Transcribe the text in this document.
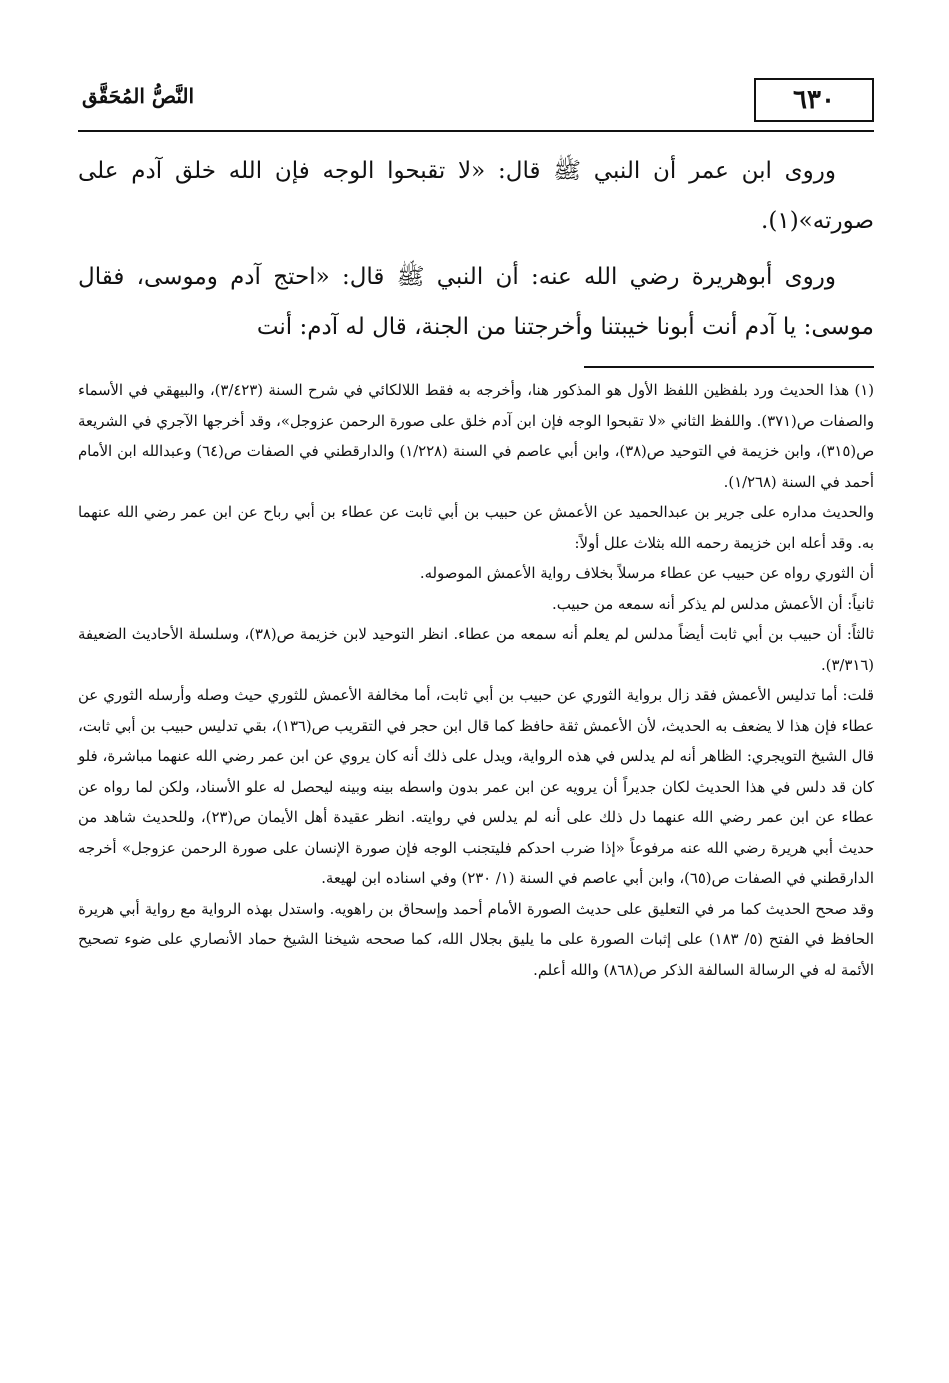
٦٣٠
النَّصُّ المُحَقَّق

وروى ابن عمر أن النبي ﷺ قال: «لا تقبحوا الوجه فإن الله خلق آدم على صورته»(١).

وروى أبوهريرة رضي الله عنه: أن النبي ﷺ قال: «احتج آدم وموسى، فقال موسى: يا آدم أنت أبونا خيبتنا وأخرجتنا من الجنة، قال له آدم: أنت

(١) هذا الحديث ورد بلفظين اللفظ الأول هو المذكور هنا، وأخرجه به فقط اللالكائي في شرح السنة (٣/٤٢٣)، والبيهقي في الأسماء والصفات ص(٣٧١). واللفظ الثاني «لا تقبحوا الوجه فإن ابن آدم خلق على صورة الرحمن عزوجل»، وقد أخرجها الآجري في الشريعة ص(٣١٥)، وابن خزيمة في التوحيد ص(٣٨)، وابن أبي عاصم في السنة (١/٢٢٨) والدارقطني في الصفات ص(٦٤) وعبدالله ابن الأمام أحمد في السنة (١/٢٦٨).

والحديث مداره على جرير بن عبدالحميد عن الأعمش عن حبيب بن أبي ثابت عن عطاء بن أبي رباح عن ابن عمر رضي الله عنهما به. وقد أعله ابن خزيمة رحمه الله بثلاث علل أولاً:

أن الثوري رواه عن حبيب عن عطاء مرسلاً بخلاف رواية الأعمش الموصوله.

ثانياً: أن الأعمش مدلس لم يذكر أنه سمعه من حبيب.

ثالثاً: أن حبيب بن أبي ثابت أيضاً مدلس لم يعلم أنه سمعه من عطاء. انظر التوحيد لابن خزيمة ص(٣٨)، وسلسلة الأحاديث الضعيفة (٣/٣١٦).

قلت: أما تدليس الأعمش فقد زال برواية الثوري عن حبيب بن أبي ثابت، أما مخالفة الأعمش للثوري حيث وصله وأرسله الثوري عن عطاء فإن هذا لا يضعف به الحديث، لأن الأعمش ثقة حافظ كما قال ابن حجر في التقريب ص(١٣٦)، بقي تدليس حبيب بن أبي ثابت، قال الشيخ التويجري: الظاهر أنه لم يدلس في هذه الرواية، ويدل على ذلك أنه كان يروي عن ابن عمر رضي الله عنهما مباشرة، فلو كان قد دلس في هذا الحديث لكان جديراً أن يرويه عن ابن عمر بدون واسطه بينه وبينه ليحصل له علو الأسناد، ولكن لما رواه عن عطاء عن ابن عمر رضي الله عنهما دل ذلك على أنه لم يدلس في روايته. انظر عقيدة أهل الأيمان ص(٢٣)، وللحديث شاهد من حديث أبي هريرة رضي الله عنه مرفوعاً «إذا ضرب احدكم فليتجنب الوجه فإن صورة الإنسان على صورة الرحمن عزوجل» أخرجه الدارقطني في الصفات ص(٦٥)، وابن أبي عاصم في السنة (١/ ٢٣٠) وفي اسناده ابن لهيعة.

وقد صحح الحديث كما مر في التعليق على حديث الصورة الأمام أحمد وإسحاق بن راهويه. واستدل بهذه الرواية مع رواية أبي هريرة الحافظ في الفتح (٥/ ١٨٣) على إثبات الصورة على ما يليق بجلال الله، كما صححه شيخنا الشيخ حماد الأنصاري على ضوء تصحيح الأئمة له في الرسالة السالفة الذكر ص(٨٦٨) والله أعلم.
